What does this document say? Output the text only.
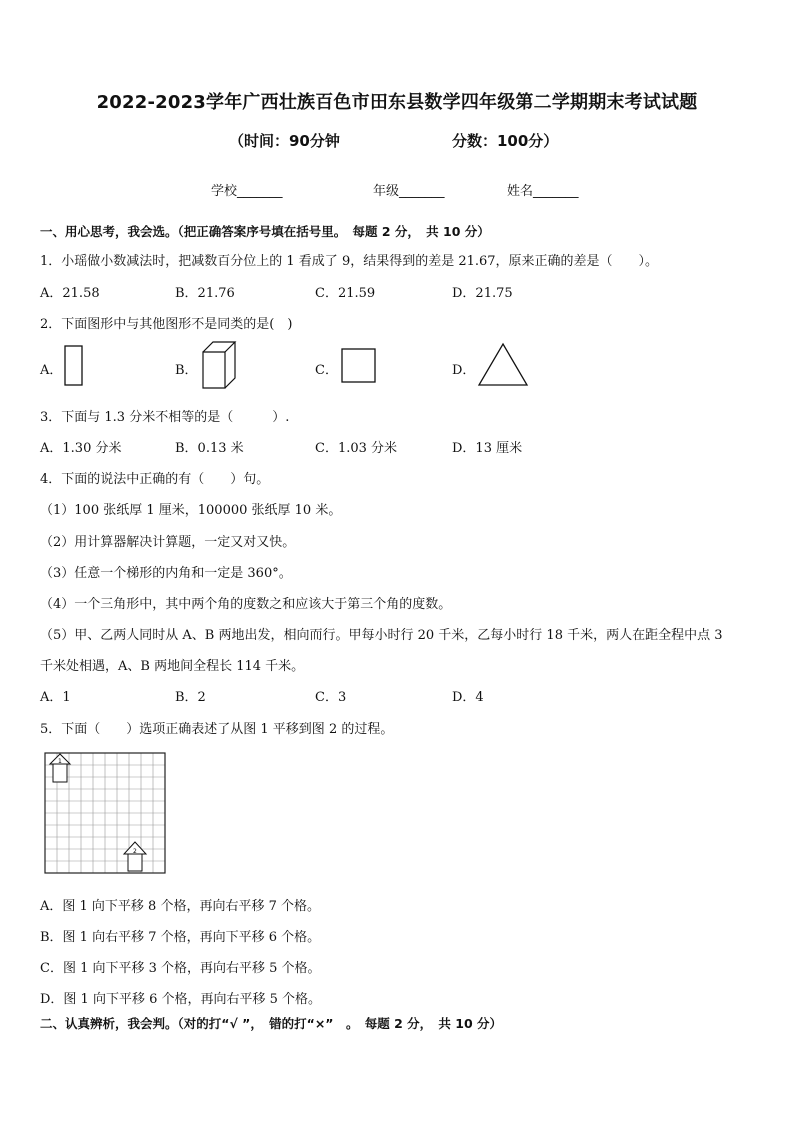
2022-2023学年广西壮族百色市田东县数学四年级第二学期期末考试试题
（时间：90分钟	分数：100分）
学校_______	年级_______	姓名_______
一、用心思考，我会选。（把正确答案序号填在括号里。　每题 2 分，　共 10 分）
1．小瑶做小数减法时，把减数百分位上的 1 看成了 9，结果得到的差是 21.67，原来正确的差是（　　）。
A．21.58	B．21.76	C．21.59	D．21.75
2．下面图形中与其他图形不是同类的是(　)
A．	B．	C．	D．
3．下面与 1.3 分米不相等的是（　　　）.
A．1.30 分米	B．0.13 米	C．1.03 分米	D．13 厘米
4．下面的说法中正确的有（　　）句。
（1）100 张纸厚 1 厘米，100000 张纸厚 10 米。
（2）用计算器解决计算题，一定又对又快。
（3）任意一个梯形的内角和一定是 360°。
（4）一个三角形中，其中两个角的度数之和应该大于第三个角的度数。
（5）甲、乙两人同时从 A、B 两地出发，相向而行。甲每小时行 20 千米，乙每小时行 18 千米，两人在距全程中点 3
千米处相遇，A、B 两地间全程长 114 千米。
A．1	B．2	C．3	D．4
5．下面（　　）选项正确表述了从图 1 平移到图 2 的过程。
1
2
A．图 1 向下平移 8 个格，再向右平移 7 个格。
B．图 1 向右平移 7 个格，再向下平移 6 个格。
C．图 1 向下平移 3 个格，再向右平移 5 个格。
D．图 1 向下平移 6 个格，再向右平移 5 个格。
二、认真辨析，我会判。（对的打“√ ”，　错的打“×”　。　每题 2 分，　共 10 分）
